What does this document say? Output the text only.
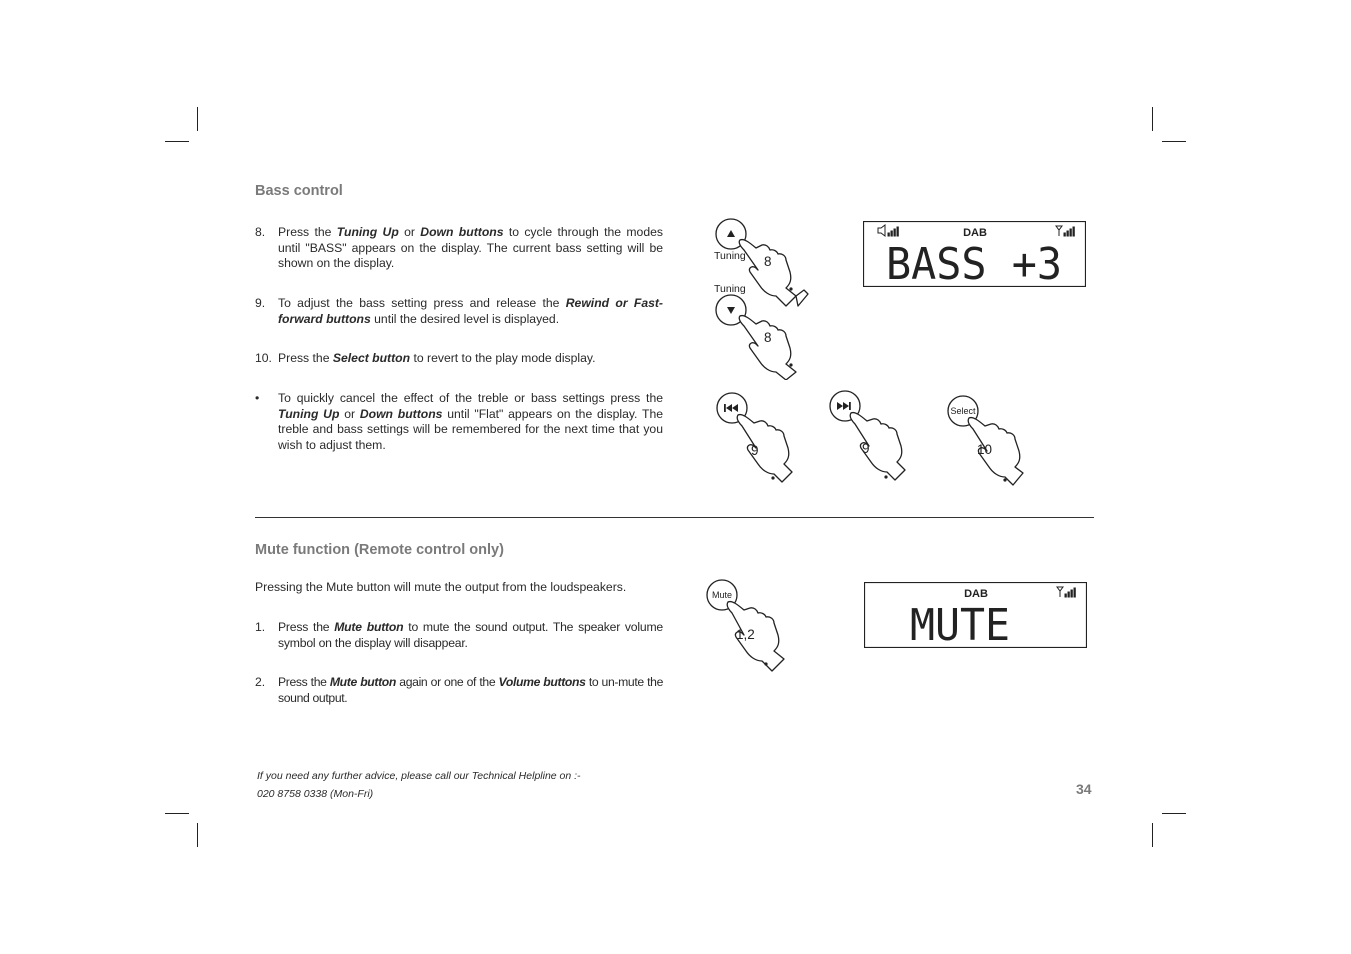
Bass control
8. Press the Tuning Up or Down buttons to cycle through the modes until "BASS" appears on the display. The current bass setting will be shown on the display.
9. To adjust the bass setting press and release the Rewind or Fast-forward buttons until the desired level is displayed.
10. Press the Select button to revert to the play mode display.
• To quickly cancel the effect of the treble or bass settings press the Tuning Up or Down buttons until "Flat" appears on the display. The treble and bass settings will be remembered for the next time that you wish to adjust them.
Tuning 8
Tuning
8
9	9
Select
10
DAB
BASS +3
Mute function (Remote control only)
Pressing the Mute button will mute the output from the loudspeakers.
1. Press the Mute button to mute the sound output. The speaker volume symbol on the display will disappear.
2. Press the Mute button again or one of the Volume buttons to un-mute the sound output.
Mute
1,2
DAB
MUTE
If you need any further advice, please call our Technical Helpline on :-
020 8758 0338 (Mon-Fri)	34
